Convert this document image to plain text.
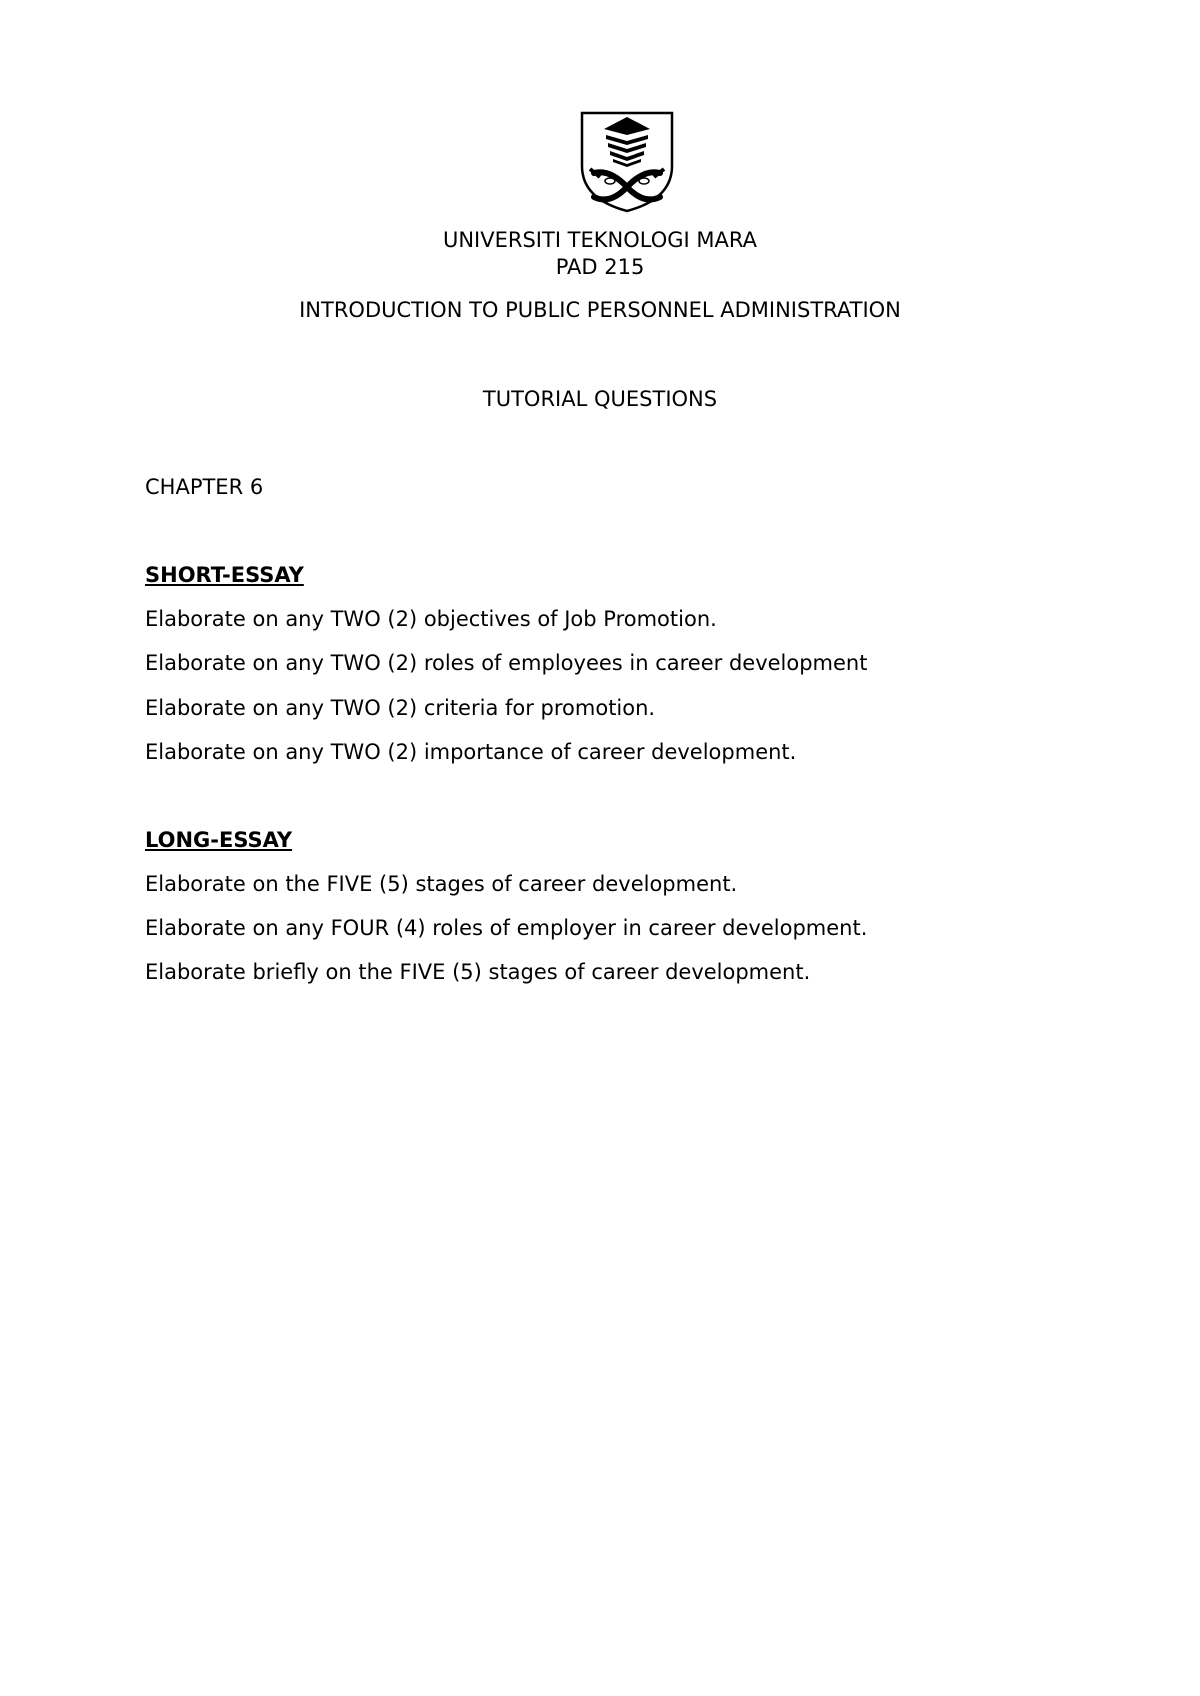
UNIVERSITI TEKNOLOGI MARA
PAD 215
INTRODUCTION TO PUBLIC PERSONNEL ADMINISTRATION
TUTORIAL QUESTIONS
CHAPTER 6
SHORT-ESSAY
Elaborate on any TWO (2) objectives of Job Promotion.
Elaborate on any TWO (2) roles of employees in career development
Elaborate on any TWO (2) criteria for promotion.
Elaborate on any TWO (2) importance of career development.
LONG-ESSAY
Elaborate on the FIVE (5) stages of career development.
Elaborate on any FOUR (4) roles of employer in career development.
Elaborate briefly on the FIVE (5) stages of career development.
